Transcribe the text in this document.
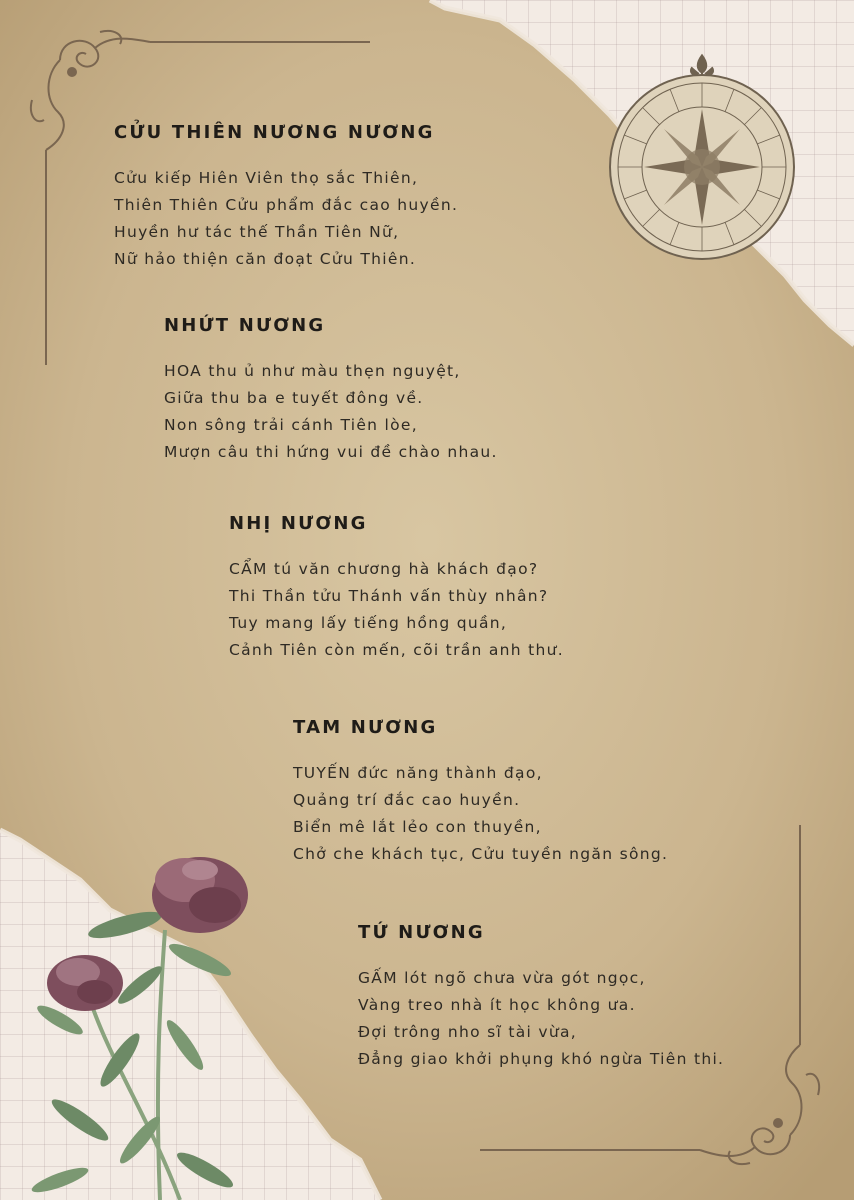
CỬU THIÊN NƯƠNG NƯƠNG
Cửu kiếp Hiên Viên thọ sắc Thiên,
Thiên Thiên Cửu phẩm đắc cao huyền.
Huyền hư tác thế Thần Tiên Nữ,
Nữ hảo thiện căn đoạt Cửu Thiên.
NHỨT NƯƠNG
HOA thu ủ như màu thẹn nguyệt,
Giữa thu ba e tuyết đông về.
Non sông trải cánh Tiên lòe,
Mượn câu thi hứng vui đề chào nhau.
NHỊ NƯƠNG
CẨM tú văn chương hà khách đạo?
Thi Thần tửu Thánh vấn thùy nhân?
Tuy mang lấy tiếng hồng quần,
Cảnh Tiên còn mến, cõi trần anh thư.
TAM NƯƠNG
TUYẾN đức năng thành đạo,
Quảng trí đắc cao huyền.
Biển mê lắt lẻo con thuyền,
Chở che khách tục, Cửu tuyền ngăn sông.
TỨ NƯƠNG
GẤM lót ngõ chưa vừa gót ngọc,
Vàng treo nhà ít học không ưa.
Đợi trông nho sĩ tài vừa,
Đẳng giao khởi phụng khó ngừa Tiên thi.
